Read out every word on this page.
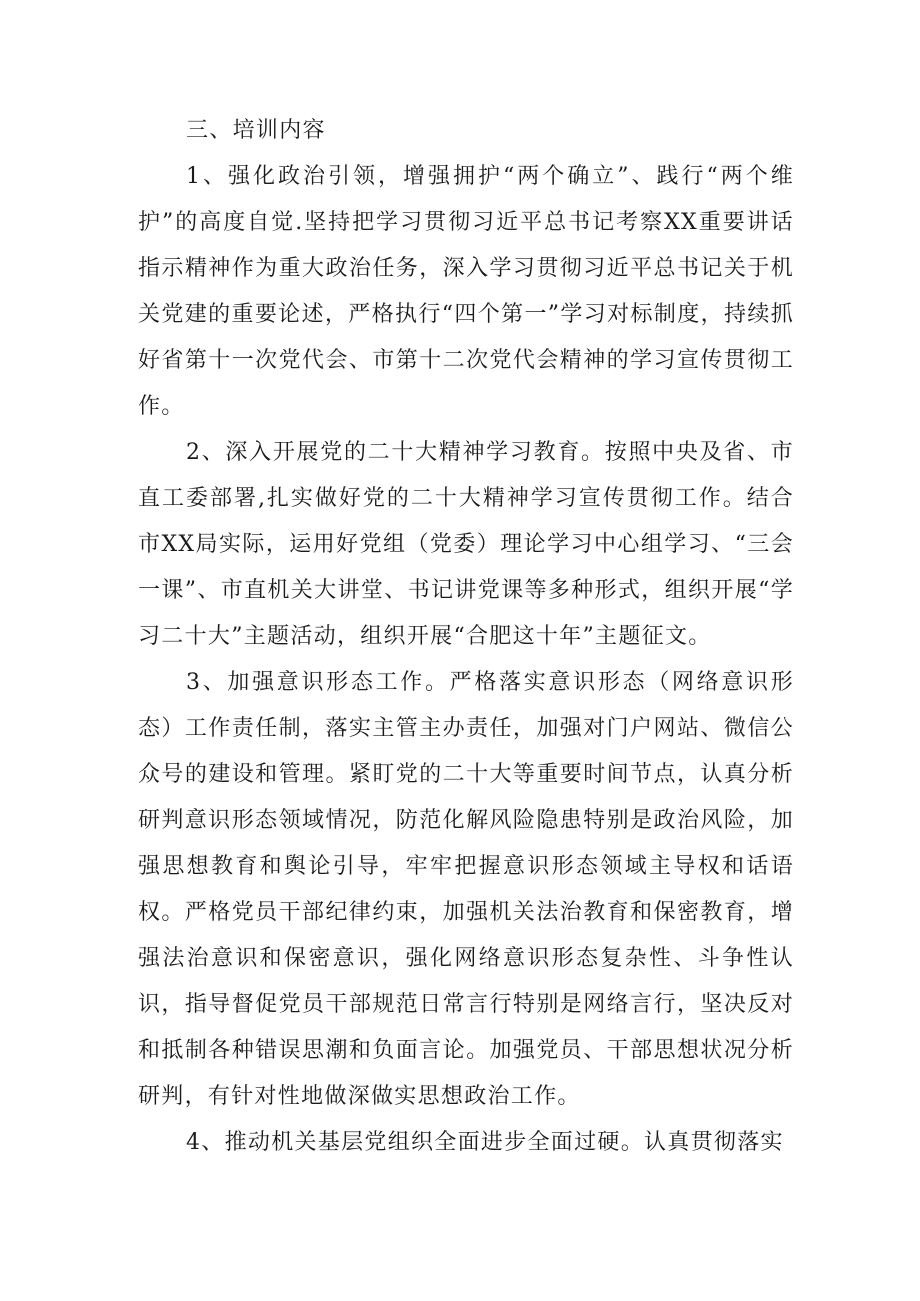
三、培训内容

1、强化政治引领，增强拥护“两个确立”、践行“两个维护”的高度自觉.坚持把学习贯彻习近平总书记考察XX重要讲话指示精神作为重大政治任务，深入学习贯彻习近平总书记关于机关党建的重要论述，严格执行“四个第一”学习对标制度，持续抓好省第十一次党代会、市第十二次党代会精神的学习宣传贯彻工作。

2、深入开展党的二十大精神学习教育。按照中央及省、市直工委部署,扎实做好党的二十大精神学习宣传贯彻工作。结合市XX局实际，运用好党组（党委）理论学习中心组学习、“三会一课”、市直机关大讲堂、书记讲党课等多种形式，组织开展“学习二十大”主题活动，组织开展“合肥这十年”主题征文。

3、加强意识形态工作。严格落实意识形态（网络意识形态）工作责任制，落实主管主办责任，加强对门户网站、微信公众号的建设和管理。紧盯党的二十大等重要时间节点，认真分析研判意识形态领域情况，防范化解风险隐患特别是政治风险，加强思想教育和舆论引导，牢牢把握意识形态领域主导权和话语权。严格党员干部纪律约束，加强机关法治教育和保密教育，增强法治意识和保密意识，强化网络意识形态复杂性、斗争性认识，指导督促党员干部规范日常言行特别是网络言行，坚决反对和抵制各种错误思潮和负面言论。加强党员、干部思想状况分析研判，有针对性地做深做实思想政治工作。

4、推动机关基层党组织全面进步全面过硬。认真贯彻落实
